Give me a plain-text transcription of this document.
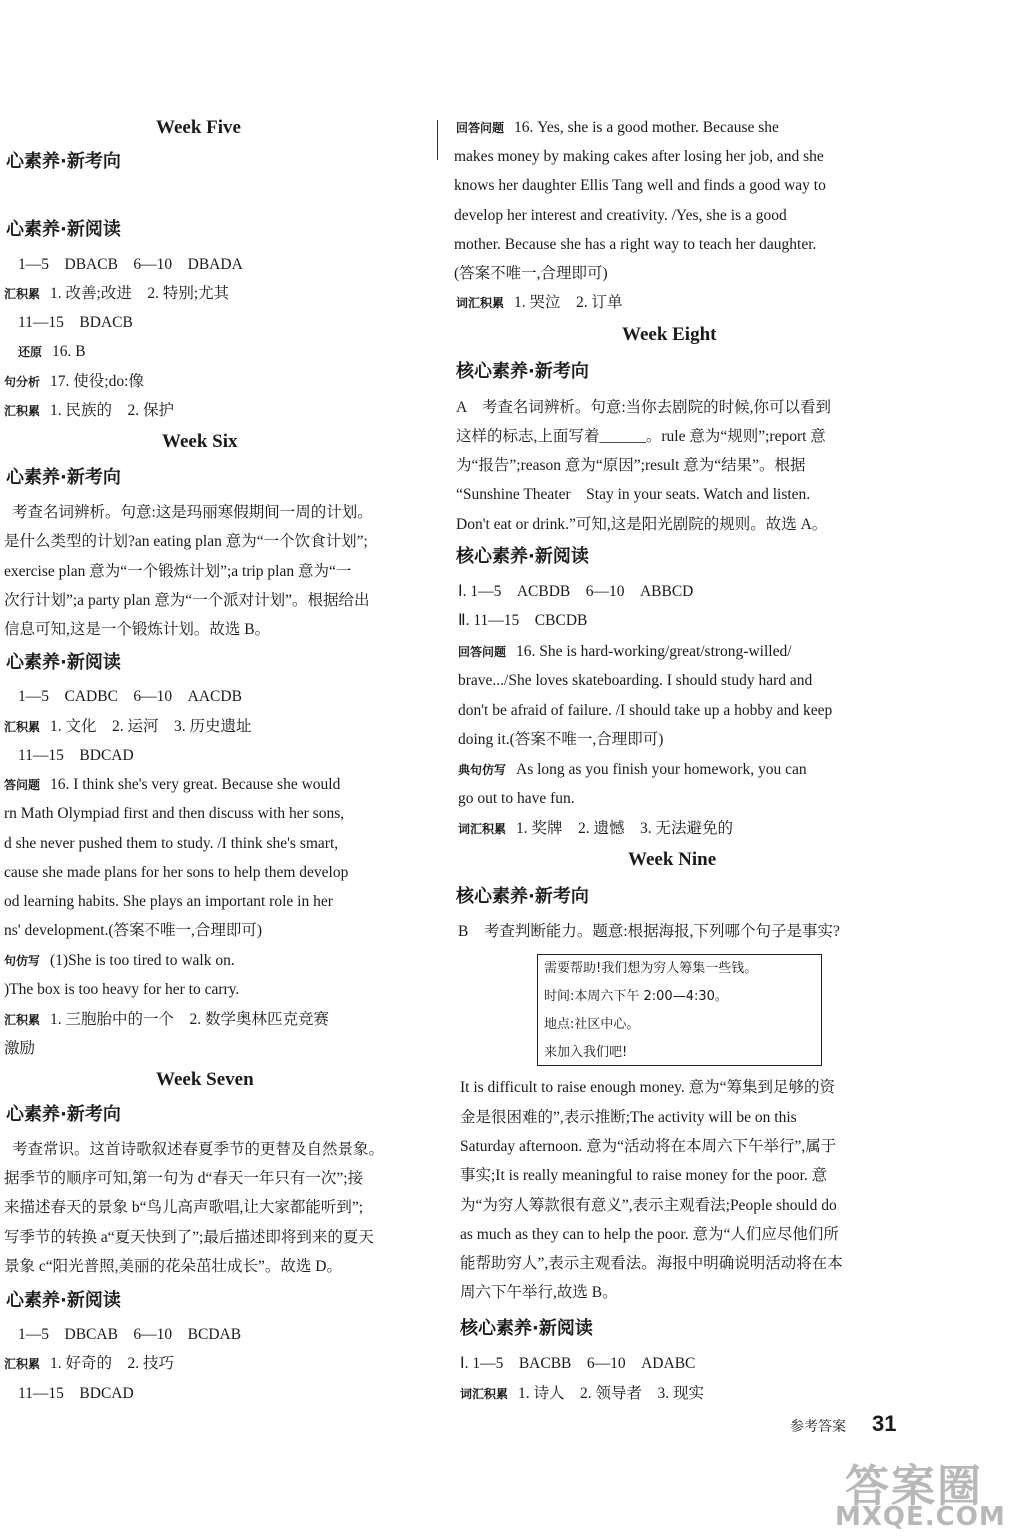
Week Five
心素养·新考向
心素养·新阅读
1—5　DBACB　6—10　DBADA
汇积累 1. 改善;改进　2. 特别;尤其
11—15　BDACB
还原 16. B
句分析 17. 使役;do:像
汇积累 1. 民族的　2. 保护
Week Six
心素养·新考向
考查名词辨析。句意:这是玛丽寒假期间一周的计划。
是什么类型的计划?an eating plan 意为“一个饮食计划”;
exercise plan 意为“一个锻炼计划”;a trip plan 意为“一
次行计划”;a party plan 意为“一个派对计划”。根据给出
信息可知,这是一个锻炼计划。故选 B。
心素养·新阅读
1—5　CADBC　6—10　AACDB
汇积累 1. 文化　2. 运河　3. 历史遗址
11—15　BDCAD
答问题 16. I think she's very great. Because she would
rn Math Olympiad first and then discuss with her sons,
d she never pushed them to study. /I think she's smart,
cause she made plans for her sons to help them develop
od learning habits. She plays an important role in her
ns' development.(答案不唯一,合理即可)
句仿写 (1)She is too tired to walk on.
)The box is too heavy for her to carry.
汇积累 1. 三胞胎中的一个　2. 数学奥林匹克竞赛
激励
Week Seven
心素养·新考向
考查常识。这首诗歌叙述春夏季节的更替及自然景象。
据季节的顺序可知,第一句为 d“春天一年只有一次”;接
来描述春天的景象 b“鸟儿高声歌唱,让大家都能听到”;
写季节的转换 a“夏天快到了”;最后描述即将到来的夏天
景象 c“阳光普照,美丽的花朵茁壮成长”。故选 D。
心素养·新阅读
1—5　DBCAB　6—10　BCDAB
汇积累 1. 好奇的　2. 技巧
11—15　BDCAD
回答问题 16. Yes, she is a good mother. Because she
makes money by making cakes after losing her job, and she
knows her daughter Ellis Tang well and finds a good way to
develop her interest and creativity. /Yes, she is a good
mother. Because she has a right way to teach her daughter.
(答案不唯一,合理即可)
词汇积累 1. 哭泣　2. 订单
Week Eight
核心素养·新考向
A　考查名词辨析。句意:当你去剧院的时候,你可以看到
这样的标志,上面写着______。rule 意为“规则”;report 意
为“报告”;reason 意为“原因”;result 意为“结果”。根据
“Sunshine Theater　Stay in your seats. Watch and listen.
Don't eat or drink.”可知,这是阳光剧院的规则。故选 A。
核心素养·新阅读
Ⅰ. 1—5　ACBDB　6—10　ABBCD
Ⅱ. 11—15　CBCDB
回答问题 16. She is hard-working/great/strong-willed/
brave.../She loves skateboarding. I should study hard and
don't be afraid of failure. /I should take up a hobby and keep
doing it.(答案不唯一,合理即可)
典句仿写 As long as you finish your homework, you can
go out to have fun.
词汇积累 1. 奖牌　2. 遗憾　3. 无法避免的
Week Nine
核心素养·新考向
B　考查判断能力。题意:根据海报,下列哪个句子是事实?
It is difficult to raise enough money. 意为“筹集到足够的资
金是很困难的”,表示推断;The activity will be on this
Saturday afternoon. 意为“活动将在本周六下午举行”,属于
事实;It is really meaningful to raise money for the poor. 意
为“为穷人筹款很有意义”,表示主观看法;People should do
as much as they can to help the poor. 意为“人们应尽他们所
能帮助穷人”,表示主观看法。海报中明确说明活动将在本
周六下午举行,故选 B。
核心素养·新阅读
Ⅰ. 1—5　BACBB　6—10　ADABC
词汇积累 1. 诗人　2. 领导者　3. 现实
需要帮助!我们想为穷人筹集一些钱。
时间:本周六下午 2:00—4:30。
地点:社区中心。
来加入我们吧!
参考答案 31
答案圈
MXQE.COM
